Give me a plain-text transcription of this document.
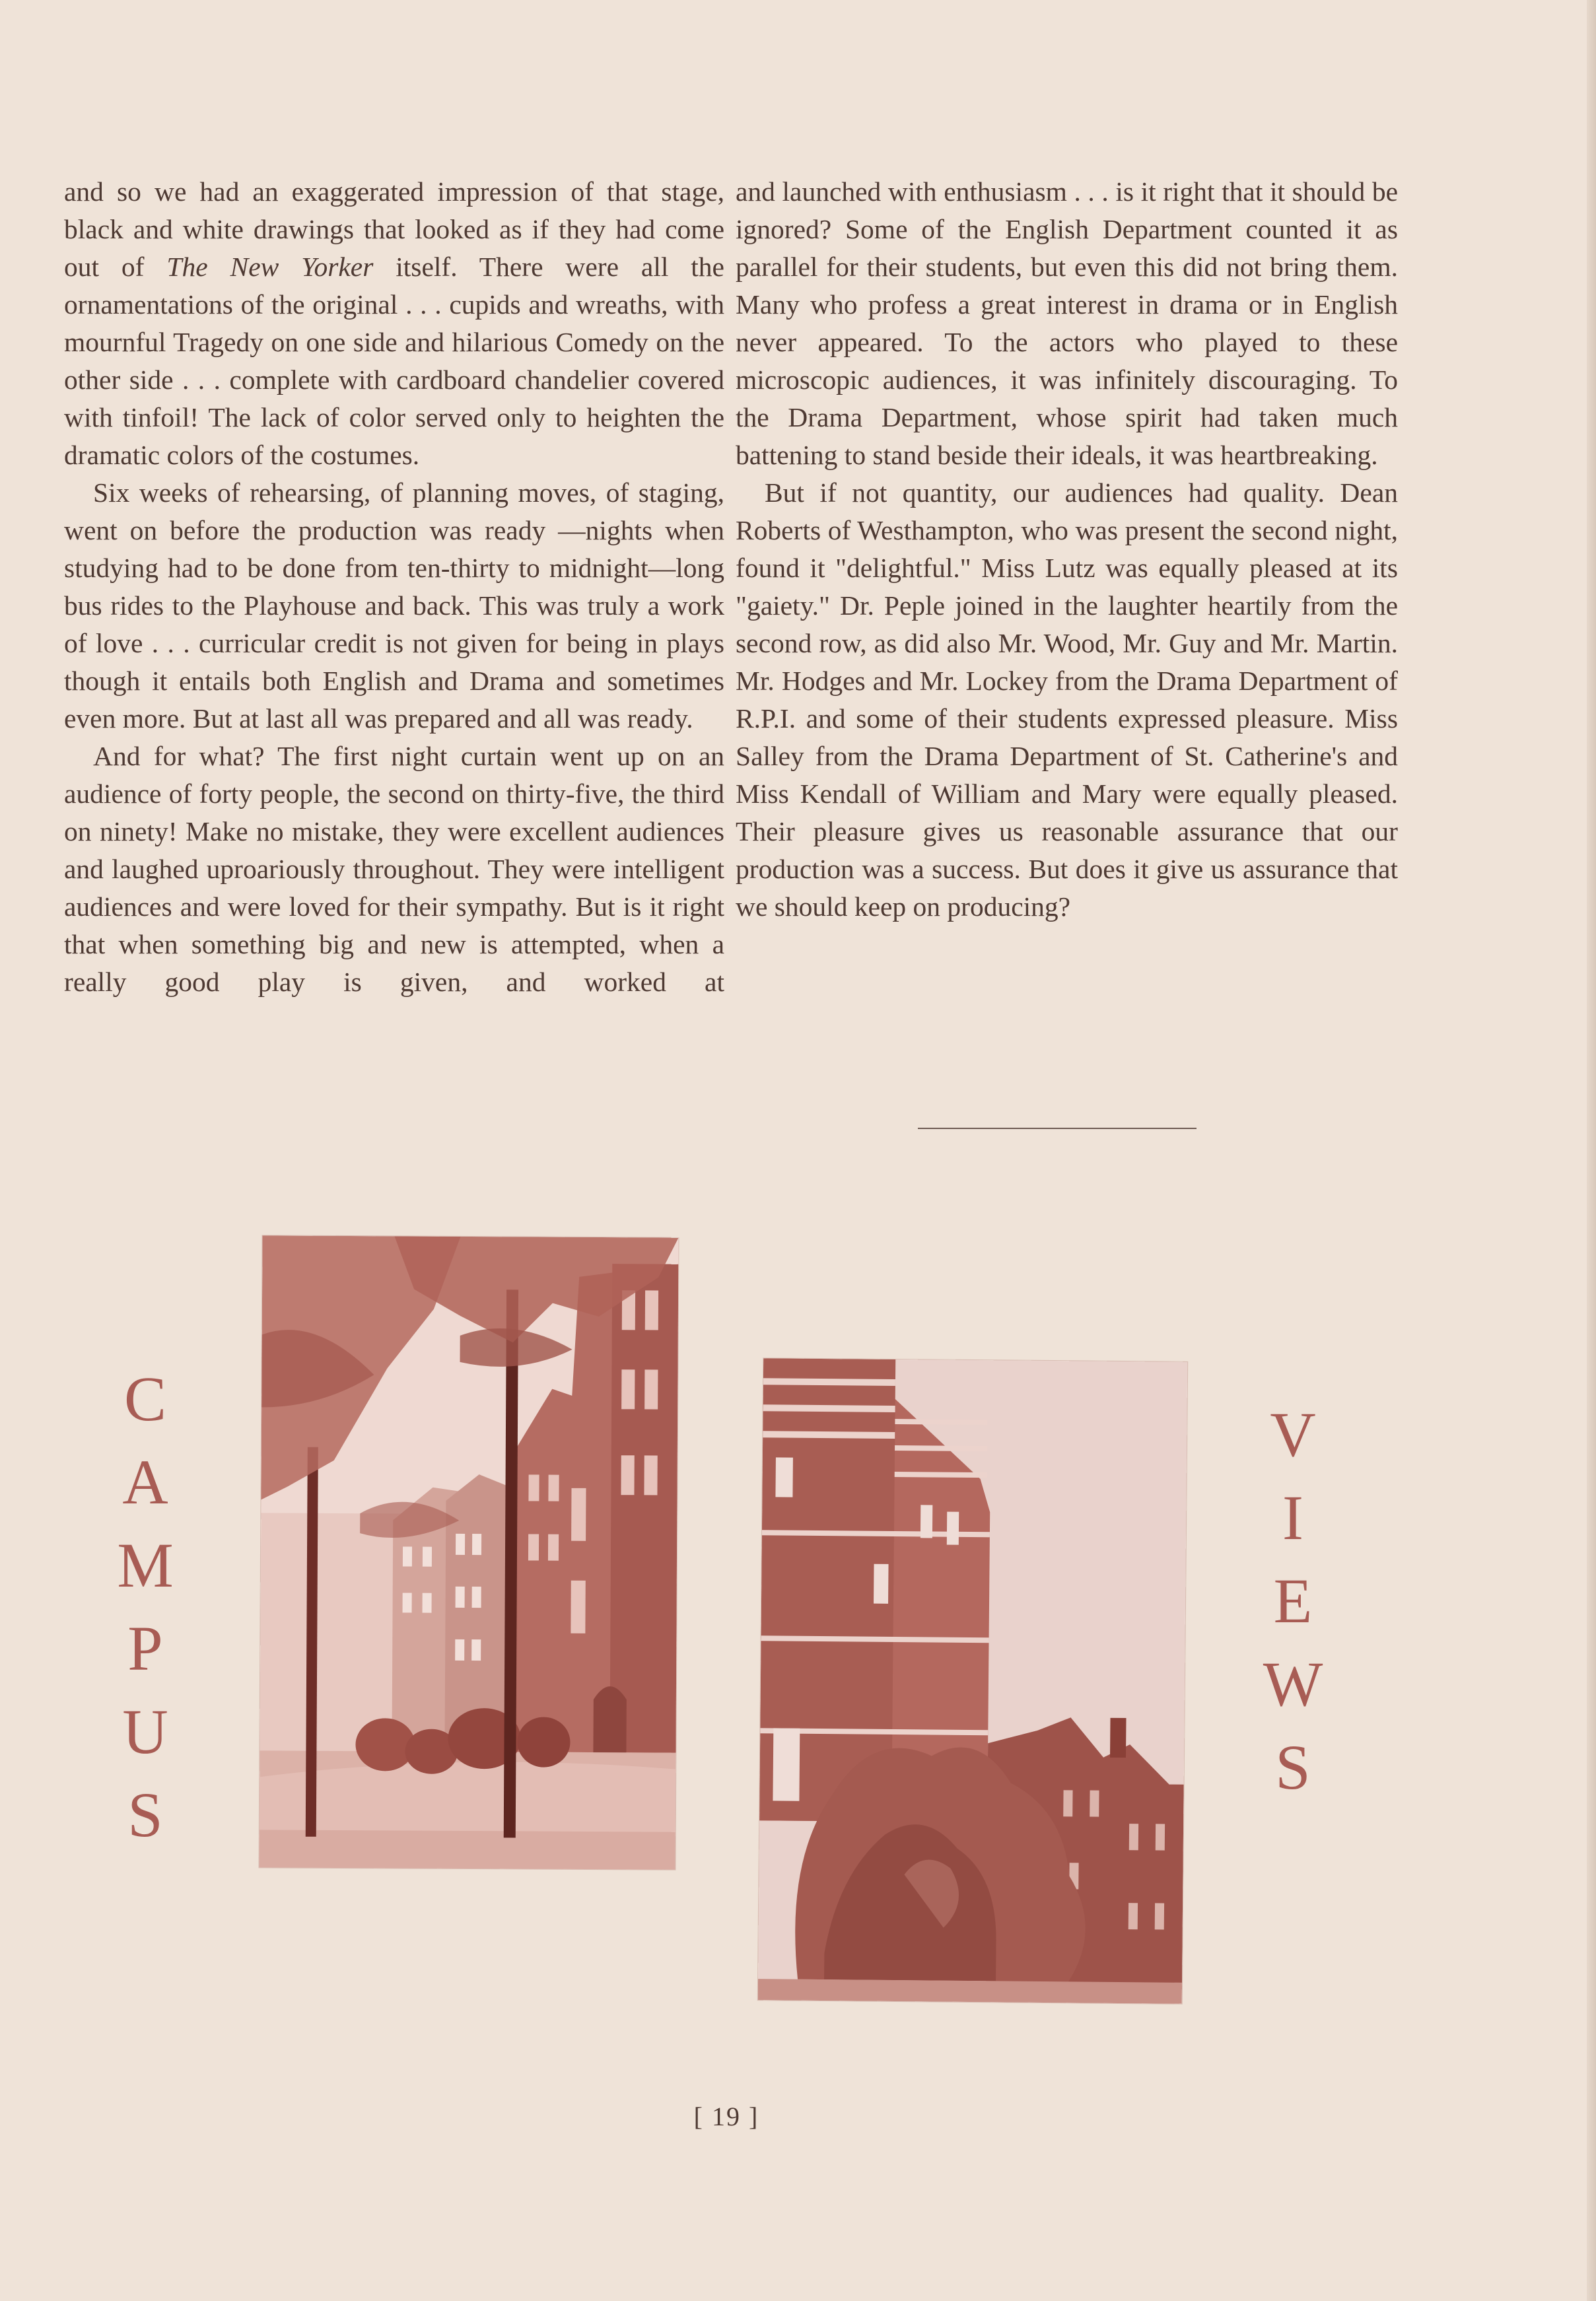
and so we had an exaggerated impression of that stage, black and white drawings that looked as if they had come out of The New Yorker itself. There were all the ornamentations of the original . . . cupids and wreaths, with mournful Tragedy on one side and hilarious Comedy on the other side . . . complete with cardboard chandelier covered with tinfoil! The lack of color served only to heighten the dramatic colors of the costumes.

Six weeks of rehearsing, of planning moves, of staging, went on before the production was ready —nights when studying had to be done from ten-thirty to midnight—long bus rides to the Playhouse and back. This was truly a work of love . . . curricular credit is not given for being in plays though it entails both English and Drama and sometimes even more. But at last all was prepared and all was ready.

And for what? The first night curtain went up on an audience of forty people, the second on thirty-five, the third on ninety! Make no mistake, they were excellent audiences and laughed uproariously throughout. They were intelligent audiences and were loved for their sympathy. But is it right that when something big and new is attempted, when a really good play is given, and worked at

and launched with enthusiasm . . . is it right that it should be ignored? Some of the English Department counted it as parallel for their students, but even this did not bring them. Many who profess a great interest in drama or in English never appeared. To the actors who played to these microscopic audiences, it was infinitely discouraging. To the Drama Department, whose spirit had taken much battening to stand beside their ideals, it was heartbreaking.

But if not quantity, our audiences had quality. Dean Roberts of Westhampton, who was present the second night, found it "delightful." Miss Lutz was equally pleased at its "gaiety." Dr. Peple joined in the laughter heartily from the second row, as did also Mr. Wood, Mr. Guy and Mr. Martin. Mr. Hodges and Mr. Lockey from the Drama Department of R.P.I. and some of their students expressed pleasure. Miss Salley from the Drama Department of St. Catherine's and Miss Kendall of William and Mary were equally pleased. Their pleasure gives us reasonable assurance that our production was a success. But does it give us assurance that we should keep on producing?

C
A
M
P
U
S
V
I
E
W
S
[ 19 ]
